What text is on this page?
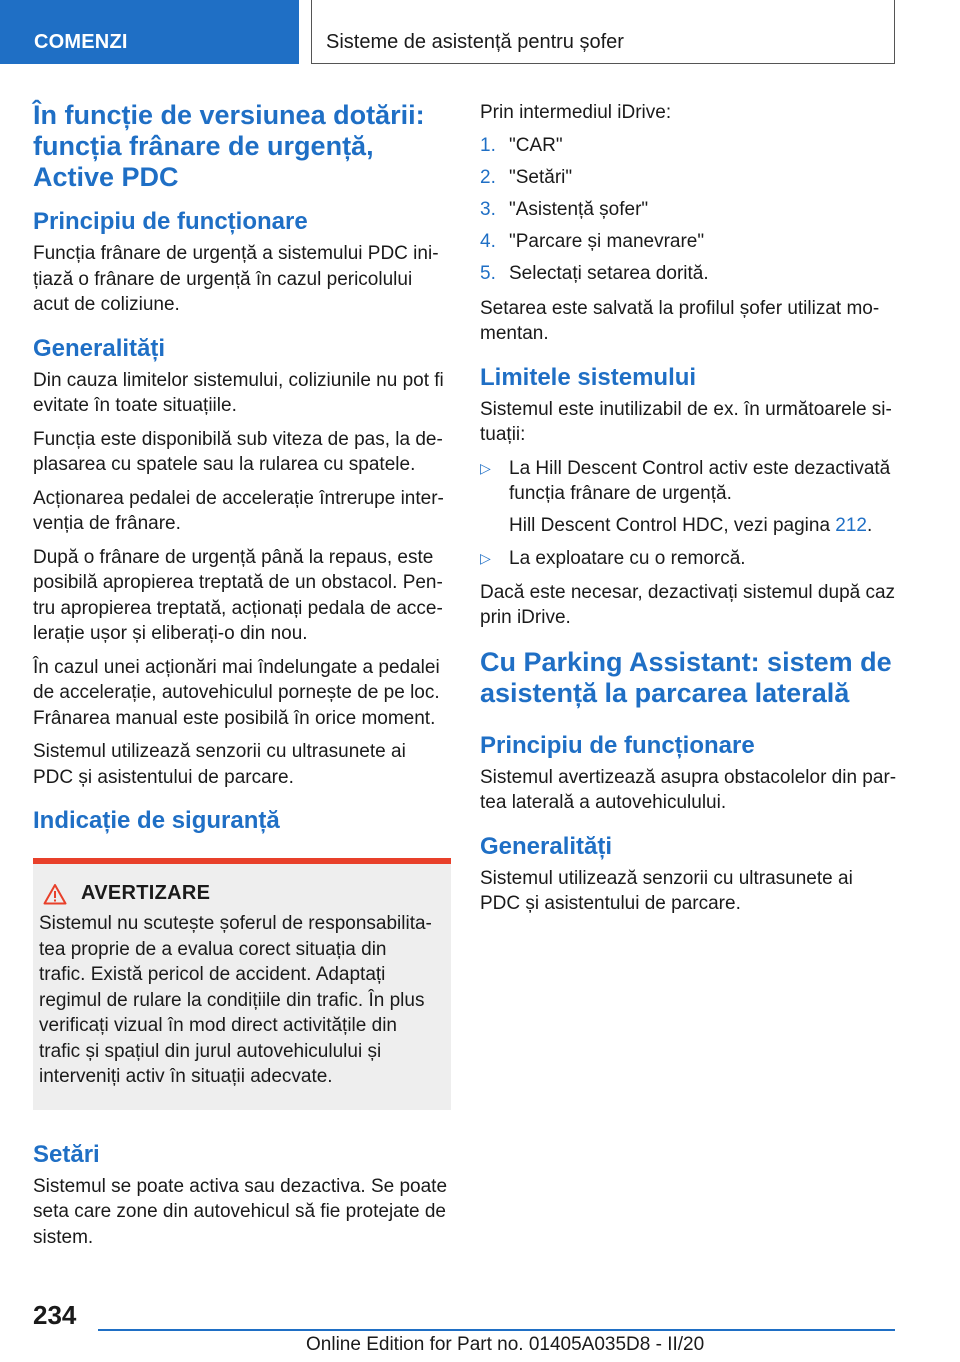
COMENZI	Sisteme de asistență pentru șofer
În funcție de versiunea dotării: funcția frânare de urgență, Active PDC
Principiu de funcționare

Funcția frânare de urgență a sistemului PDC inițiază o frânare de urgență în cazul pericolului acut de coliziune.

Generalități

Din cauza limitelor sistemului, coliziunile nu pot fi evitate în toate situațiile.

Funcția este disponibilă sub viteza de pas, la deplasarea cu spatele sau la rularea cu spatele.

Acționarea pedalei de accelerație întrerupe intervenția de frânare.

După o frânare de urgență până la repaus, este posibilă apropierea treptată de un obstacol. Pentru apropierea treptată, acționați pedala de accelerație ușor și eliberați-o din nou.

În cazul unei acționări mai îndelungate a pedalei de accelerație, autovehiculul pornește de pe loc. Frânarea manual este posibilă în orice moment.

Sistemul utilizează senzorii cu ultrasunete ai PDC și asistentului de parcare.

Indicație de siguranță
AVERTIZARE

Sistemul nu scutește șoferul de responsabilitatea proprie de a evalua corect situația din trafic. Există pericol de accident. Adaptați regimul de rulare la condițiile din trafic. În plus verificați vizual în mod direct activitățile din trafic și spațiul din jurul autovehiculului și interveniți activ în situații adecvate.

Setări

Sistemul se poate activa sau dezactiva. Se poate seta care zone din autovehicul să fie protejate de sistem.

Prin intermediul iDrive:

1. "CAR"
2. "Setări"
3. "Asistență șofer"
4. "Parcare și manevrare"
5. Selectați setarea dorită.

Setarea este salvată la profilul șofer utilizat momentan.

Limitele sistemului

Sistemul este inutilizabil de ex. în următoarele situații:

▷ La Hill Descent Control activ este dezactivată funcția frânare de urgență.
Hill Descent Control HDC, vezi pagina 212.
▷ La exploatare cu o remorcă.

Dacă este necesar, dezactivați sistemul după caz prin iDrive.

Cu Parking Assistant: sistem de asistență la parcarea laterală
Principiu de funcționare

Sistemul avertizează asupra obstacolelor din partea laterală a autovehiculului.

Generalități

Sistemul utilizează senzorii cu ultrasunete ai PDC și asistentului de parcare.

234
Online Edition for Part no. 01405A035D8 - II/20
